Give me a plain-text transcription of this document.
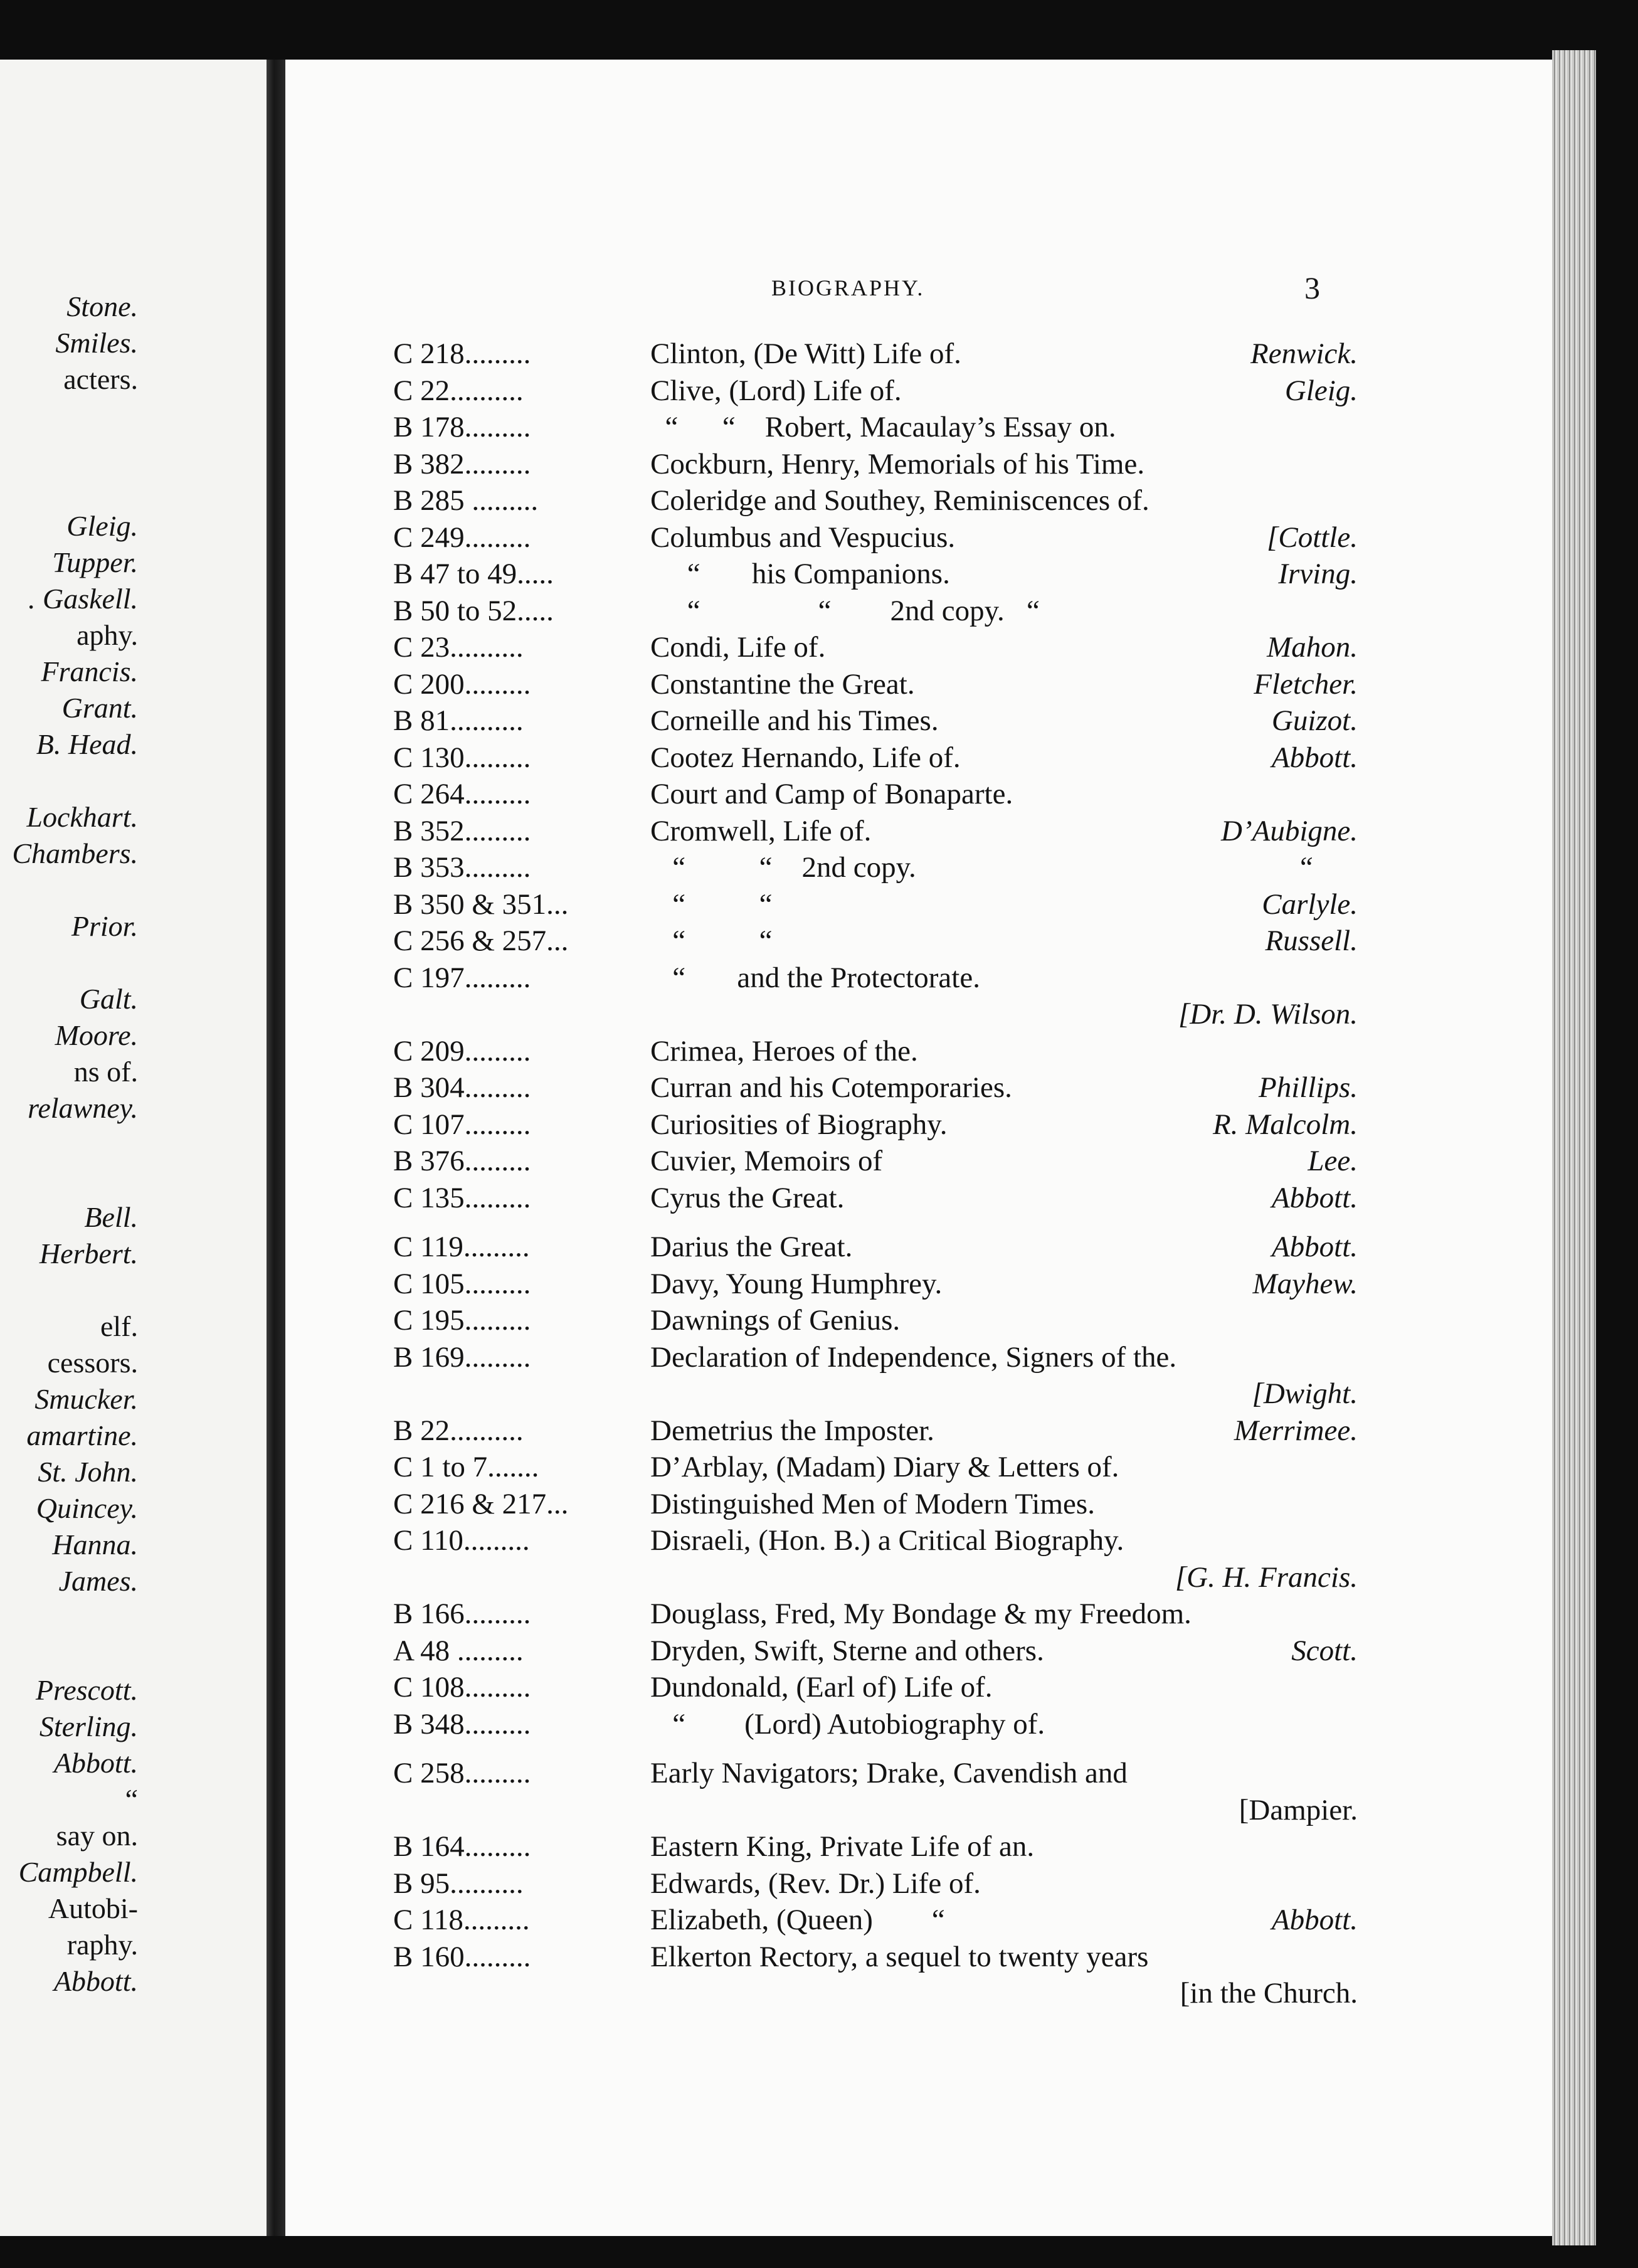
Stone.
Smiles.
acters.
Gleig.
Tupper.
. Gaskell.
aphy.
Francis.
Grant.
B. Head.
Lockhart.
Chambers.
Prior.
Galt.
Moore.
ns of.
relawney.
Bell.
Herbert.
elf.
cessors.
Smucker.
amartine.
St. John.
Quincey.
Hanna.
James.
Prescott.
Sterling.
Abbott.
“
say on.
Campbell.
Autobi-
raphy.
Abbott.
BIOGRAPHY.	3
C 218.........	Clinton, (De Witt) Life of.	Renwick.
C 22..........	Clive, (Lord) Life of.	Gleig.
B 178.........	“      “    Robert, Macaulay’s Essay on.
B 382.........	Cockburn, Henry, Memorials of his Time.
B 285 .........	Coleridge and Southey, Reminiscences of.
C 249.........	Columbus and Vespucius.	[Cottle.
B 47 to 49.....	“       his Companions.	Irving.
B 50 to 52.....	“                “        2nd copy.   “
C 23..........	Condi, Life of.	Mahon.
C 200.........	Constantine the Great.	Fletcher.
B 81..........	Corneille and his Times.	Guizot.
C 130.........	Cootez Hernando, Life of.	Abbott.
C 264.........	Court and Camp of Bonaparte.
B 352.........	Cromwell, Life of.	D’Aubigne.
B 353.........	“          “    2nd copy.	“
B 350 & 351...	“          “	Carlyle.
C 256 & 257...	“          “	Russell.
C 197.........	“       and the Protectorate.
[Dr. D. Wilson.
C 209.........	Crimea, Heroes of the.
B 304.........	Curran and his Cotemporaries.	Phillips.
C 107.........	Curiosities of Biography.	R. Malcolm.
B 376.........	Cuvier, Memoirs of	Lee.
C 135.........	Cyrus the Great.	Abbott.
C 119.........	Darius the Great.	Abbott.
C 105.........	Davy, Young Humphrey.	Mayhew.
C 195.........	Dawnings of Genius.
B 169.........	Declaration of Independence, Signers of the.
[Dwight.
B 22..........	Demetrius the Imposter.	Merrimee.
C 1 to 7.......	D’Arblay, (Madam) Diary & Letters of.
C 216 & 217...	Distinguished Men of Modern Times.
C 110.........	Disraeli, (Hon. B.) a Critical Biography.
[G. H. Francis.
B 166.........	Douglass, Fred, My Bondage & my Freedom.
A 48 .........	Dryden, Swift, Sterne and others.	Scott.
C 108.........	Dundonald, (Earl of) Life of.
B 348.........	“        (Lord) Autobiography of.
C 258.........	Early Navigators; Drake, Cavendish and
[Dampier.
B 164.........	Eastern King, Private Life of an.
B 95..........	Edwards, (Rev. Dr.) Life of.
C 118.........	Elizabeth, (Queen)        “	Abbott.
B 160.........	Elkerton Rectory, a sequel to twenty years
[in the Church.
